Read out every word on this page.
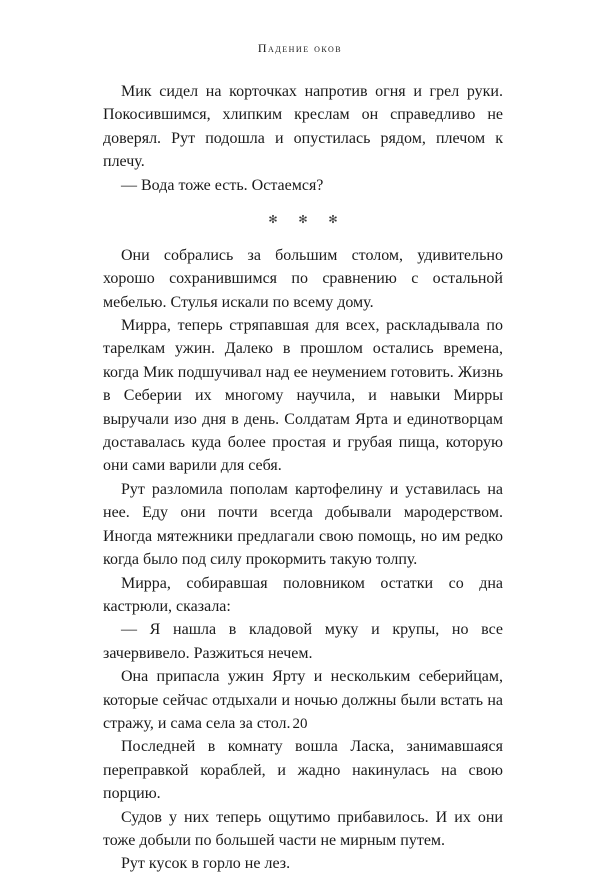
Падение оков

Мик сидел на корточках напротив огня и грел руки. Покосившимся, хлипким креслам он справедливо не доверял. Рут подошла и опустилась рядом, плечом к плечу.

— Вода тоже есть. Остаемся?

✻ ✻ ✻

Они собрались за большим столом, удивительно хорошо сохранившимся по сравнению с остальной мебелью. Стулья искали по всему дому.

Мирра, теперь стряпавшая для всех, раскладывала по тарелкам ужин. Далеко в прошлом остались времена, когда Мик подшучивал над ее неумением готовить. Жизнь в Себерии их многому научила, и навыки Мирры выручали изо дня в день. Солдатам Ярта и единотворцам доставалась куда более простая и грубая пища, которую они сами варили для себя.

Рут разломила пополам картофелину и уставилась на нее. Еду они почти всегда добывали мародерством. Иногда мятежники предлагали свою помощь, но им редко когда было под силу прокормить такую толпу.

Мирра, собиравшая половником остатки со дна кастрюли, сказала:

— Я нашла в кладовой муку и крупы, но все зачервивело. Разжиться нечем.

Она припасла ужин Ярту и нескольким себерийцам, которые сейчас отдыхали и ночью должны были встать на стражу, и сама села за стол.

Последней в комнату вошла Ласка, занимавшаяся переправкой кораблей, и жадно накинулась на свою порцию.

Судов у них теперь ощутимо прибавилось. И их они тоже добыли по большей части не мирным путем.

Рут кусок в горло не лез.

20
